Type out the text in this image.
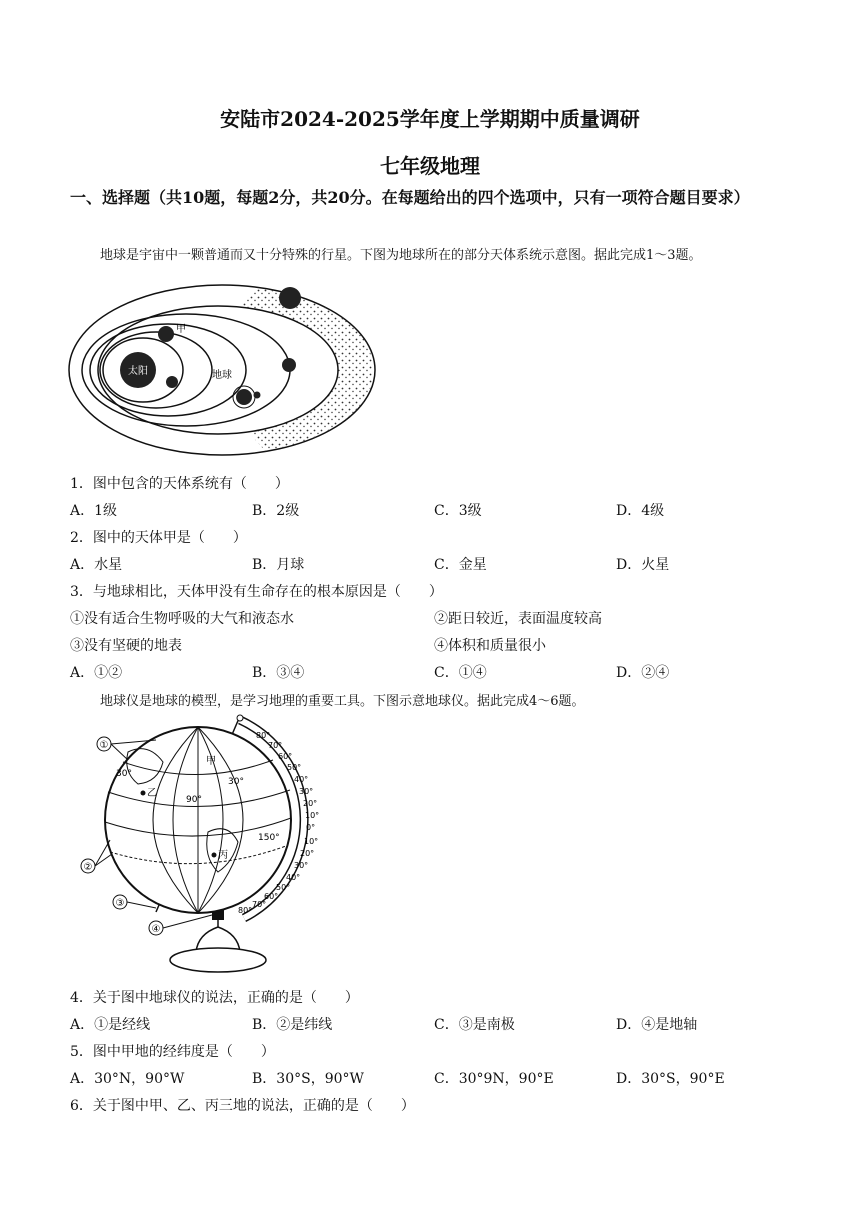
安陆市2024-2025学年度上学期期中质量调研
七年级地理
一、选择题（共10题，每题2分，共20分。在每题给出的四个选项中，只有一项符合题目要求）
地球是宇宙中一颗普通而又十分特殊的行星。下图为地球所在的部分天体系统示意图。据此完成1～3题。
太阳
甲
地球
1．图中包含的天体系统有（　　）
A．1级	B．2级	C．3级	D．4级
2．图中的天体甲是（　　）
A．水星	B．月球	C．金星	D．火星
3．与地球相比，天体甲没有生命存在的根本原因是（　　）
①没有适合生物呼吸的大气和液态水	②距日较近，表面温度较高
③没有坚硬的地表	④体积和质量很小
A．①②	B．③④	C．①④	D．②④
地球仪是地球的模型，是学习地理的重要工具。下图示意地球仪。据此完成4～6题。
乙
甲
丙
30°
30°
150°
90°
80°
70°
60°
50°
40°
30°
20°
10°
0°
10°
20°
30°
40°
50°
60°
70°
80°
①
②
③
④
4．关于图中地球仪的说法，正确的是（　　）
A．①是经线	B．②是纬线	C．③是南极	D．④是地轴
5．图中甲地的经纬度是（　　）
A．30°N，90°W	B．30°S，90°W	C．30°9N，90°E	D．30°S，90°E
6．关于图中甲、乙、丙三地的说法，正确的是（　　）
